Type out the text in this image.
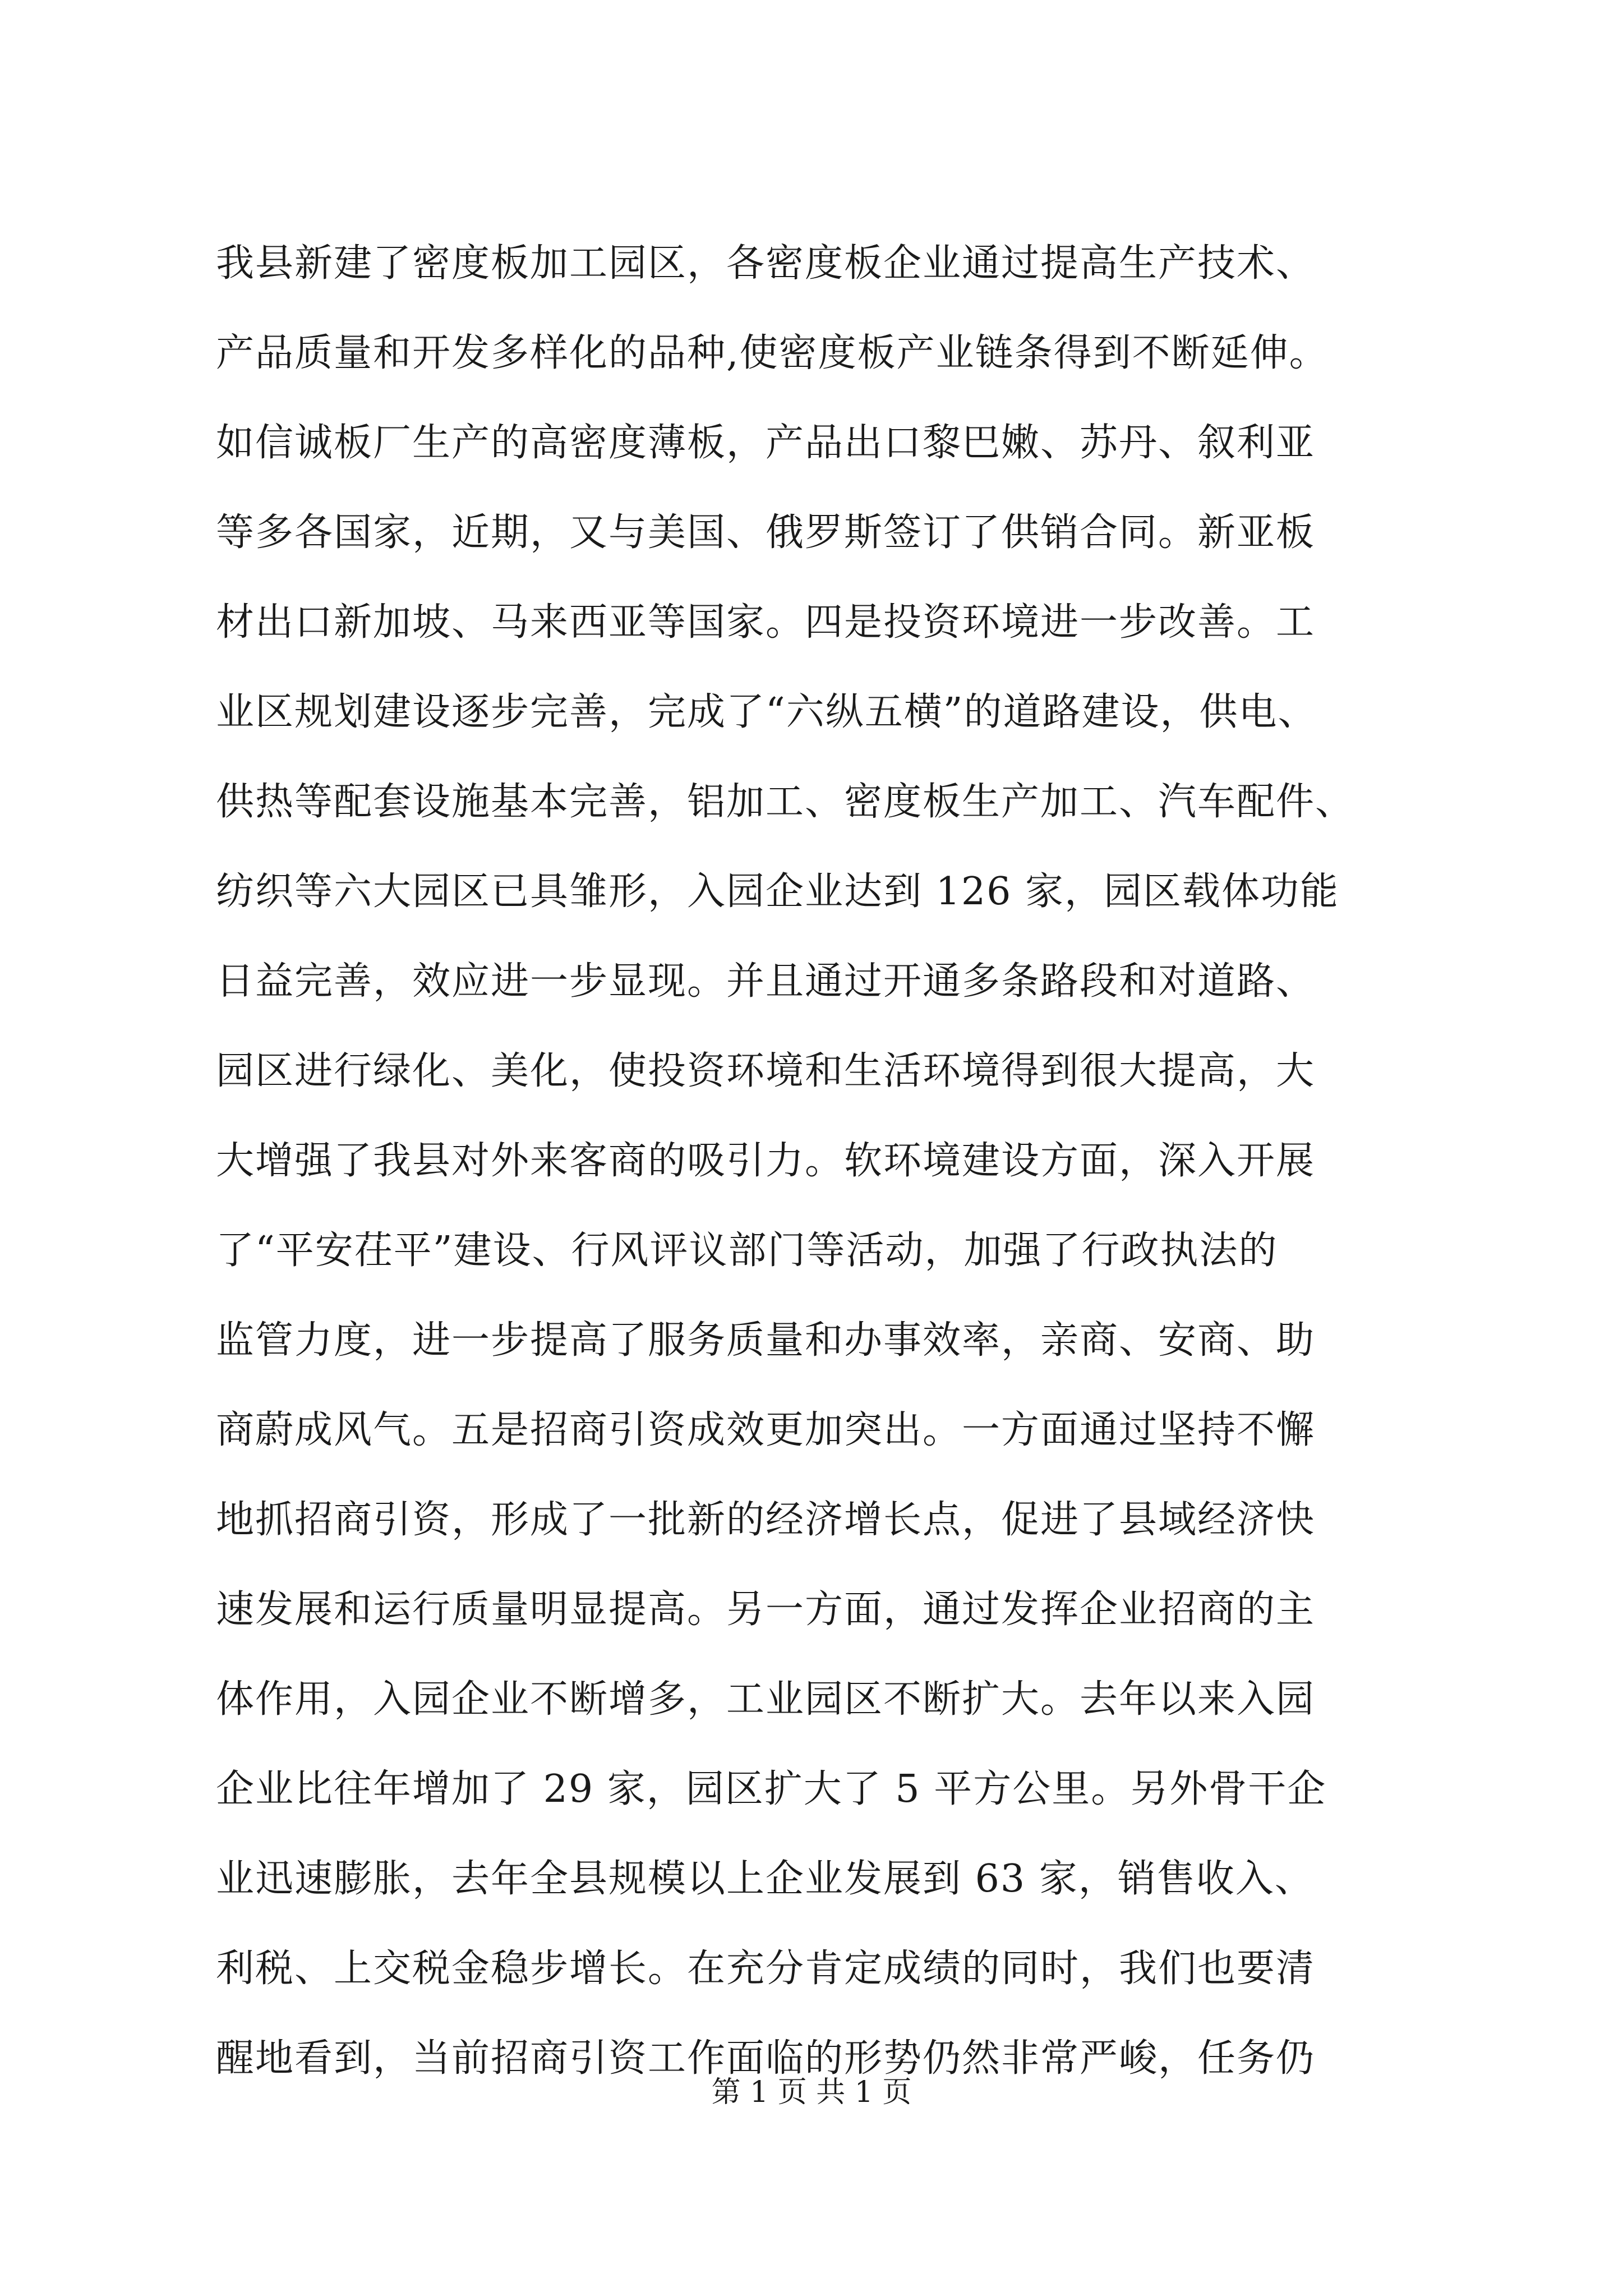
我县新建了密度板加工园区，各密度板企业通过提高生产技术、
产品质量和开发多样化的品种,使密度板产业链条得到不断延伸。
如信诚板厂生产的高密度薄板，产品出口黎巴嫩、苏丹、叙利亚
等多各国家，近期，又与美国、俄罗斯签订了供销合同。新亚板
材出口新加坡、马来西亚等国家。四是投资环境进一步改善。工
业区规划建设逐步完善，完成了“六纵五横”的道路建设，供电、
供热等配套设施基本完善，铝加工、密度板生产加工、汽车配件、
纺织等六大园区已具雏形，入园企业达到 126 家，园区载体功能
日益完善，效应进一步显现。并且通过开通多条路段和对道路、
园区进行绿化、美化，使投资环境和生活环境得到很大提高，大
大增强了我县对外来客商的吸引力。软环境建设方面，深入开展
了“平安茌平”建设、行风评议部门等活动，加强了行政执法的
监管力度，进一步提高了服务质量和办事效率，亲商、安商、助
商蔚成风气。五是招商引资成效更加突出。一方面通过坚持不懈
地抓招商引资，形成了一批新的经济增长点，促进了县域经济快
速发展和运行质量明显提高。另一方面，通过发挥企业招商的主
体作用，入园企业不断增多，工业园区不断扩大。去年以来入园
企业比往年增加了 29 家，园区扩大了 5 平方公里。另外骨干企
业迅速膨胀，去年全县规模以上企业发展到 63 家，销售收入、
利税、上交税金稳步增长。在充分肯定成绩的同时，我们也要清
醒地看到，当前招商引资工作面临的形势仍然非常严峻，任务仍
第 1 页 共 1 页
